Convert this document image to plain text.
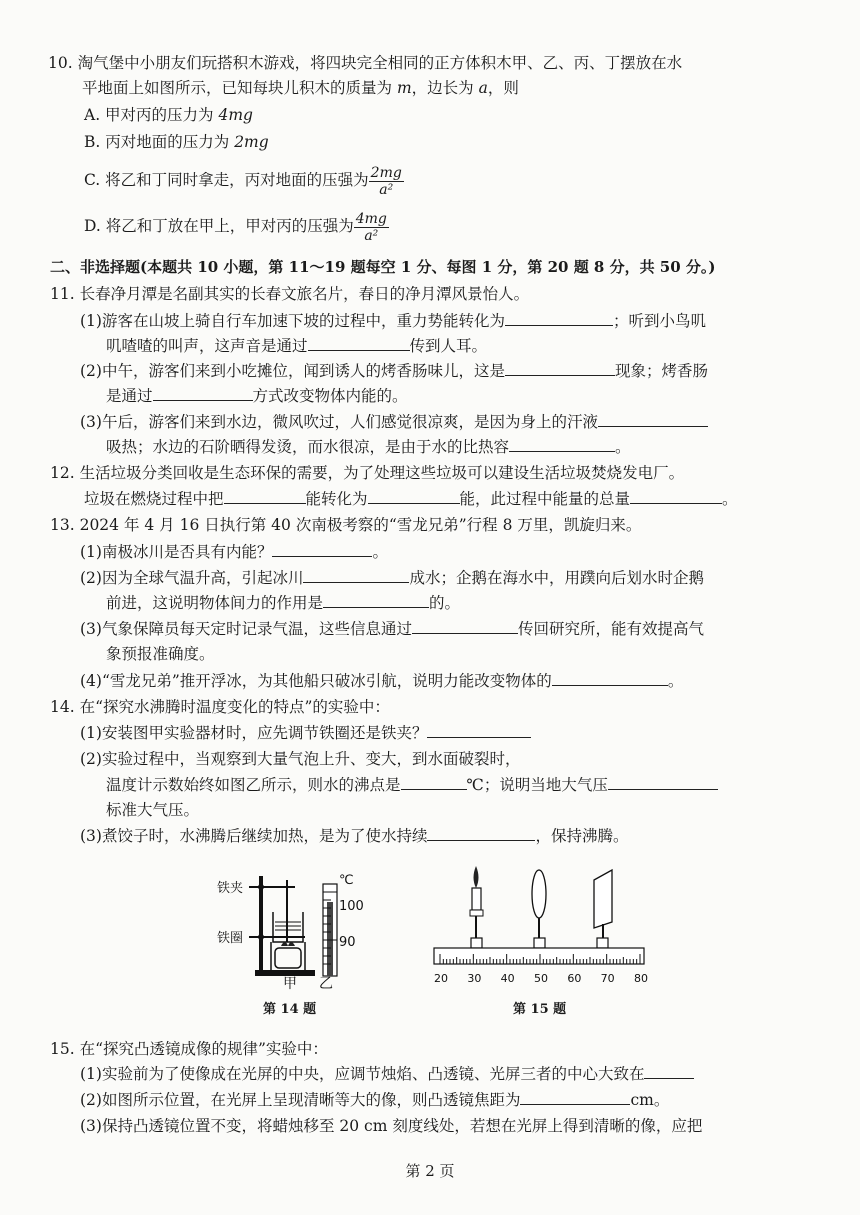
10. 淘气堡中小朋友们玩搭积木游戏，将四块完全相同的正方体积木甲、乙、丙、丁摆放在水
平地面上如图所示，已知每块儿积木的质量为 m，边长为 a，则
A. 甲对丙的压力为 4mg
B. 丙对地面的压力为 2mg
C. 将乙和丁同时拿走，丙对地面的压强为 $\frac{2mg}{\text{a²}}$
D. 将乙和丁放在甲上，甲对丙的压强为 $\frac{4mg}{\text{a²}}$
二、非选择题(本题共 10 小题，第 11～19 题每空 1 分、每图 1 分，第 20 题 8 分，共 50 分。)
11. 长春净月潭是名副其实的长春文旅名片，春日的净月潭风景怡人。
(1)游客在山坡上骑自行车加速下坡的过程中，重力势能转化为	；听到小鸟叽
叽喳喳的叫声，这声音是通过	传到人耳。
(2)中午，游客们来到小吃摊位，闻到诱人的烤香肠味儿，这是	现象；烤香肠
是通过	方式改变物体内能的。
(3)午后，游客们来到水边，微风吹过，人们感觉很凉爽，是因为身上的汗液
吸热；水边的石阶晒得发烫，而水很凉，是由于水的比热容	。
12. 生活垃圾分类回收是生态环保的需要，为了处理这些垃圾可以建设生活垃圾焚烧发电厂。
垃圾在燃烧过程中把	能转化为	能，此过程中能量的总量	。
13. 2024 年 4 月 16 日执行第 40 次南极考察的“雪龙兄弟”行程 8 万里，凯旋归来。
(1)南极冰川是否具有内能？	。
(2)因为全球气温升高，引起冰川	成水；企鹅在海水中，用蹼向后划水时企鹅
前进，这说明物体间力的作用是	的。
(3)气象保障员每天定时记录气温，这些信息通过	传回研究所，能有效提高气
象预报准确度。
(4)“雪龙兄弟”推开浮冰，为其他船只破冰引航，说明力能改变物体的	。
14. 在“探究水沸腾时温度变化的特点”的实验中：
(1)安装图甲实验器材时，应先调节铁圈还是铁夹？
(2)实验过程中，当观察到大量气泡上升、变大，到水面破裂时，
温度计示数始终如图乙所示，则水的沸点是	℃；说明当地大气压
标准大气压。
(3)煮饺子时，水沸腾后继续加热，是为了使水持续	，保持沸腾。
铁夹
铁圈
甲
℃
100
90
乙
第 14 题
20 30 40 50 60 70 80
第 15 题
15. 在“探究凸透镜成像的规律”实验中：
(1)实验前为了使像成在光屏的中央，应调节烛焰、凸透镜、光屏三者的中心大致在
(2)如图所示位置，在光屏上呈现清晰等大的像，则凸透镜焦距为	cm。
(3)保持凸透镜位置不变，将蜡烛移至 20 cm 刻度线处，若想在光屏上得到清晰的像，应把
第 2 页
